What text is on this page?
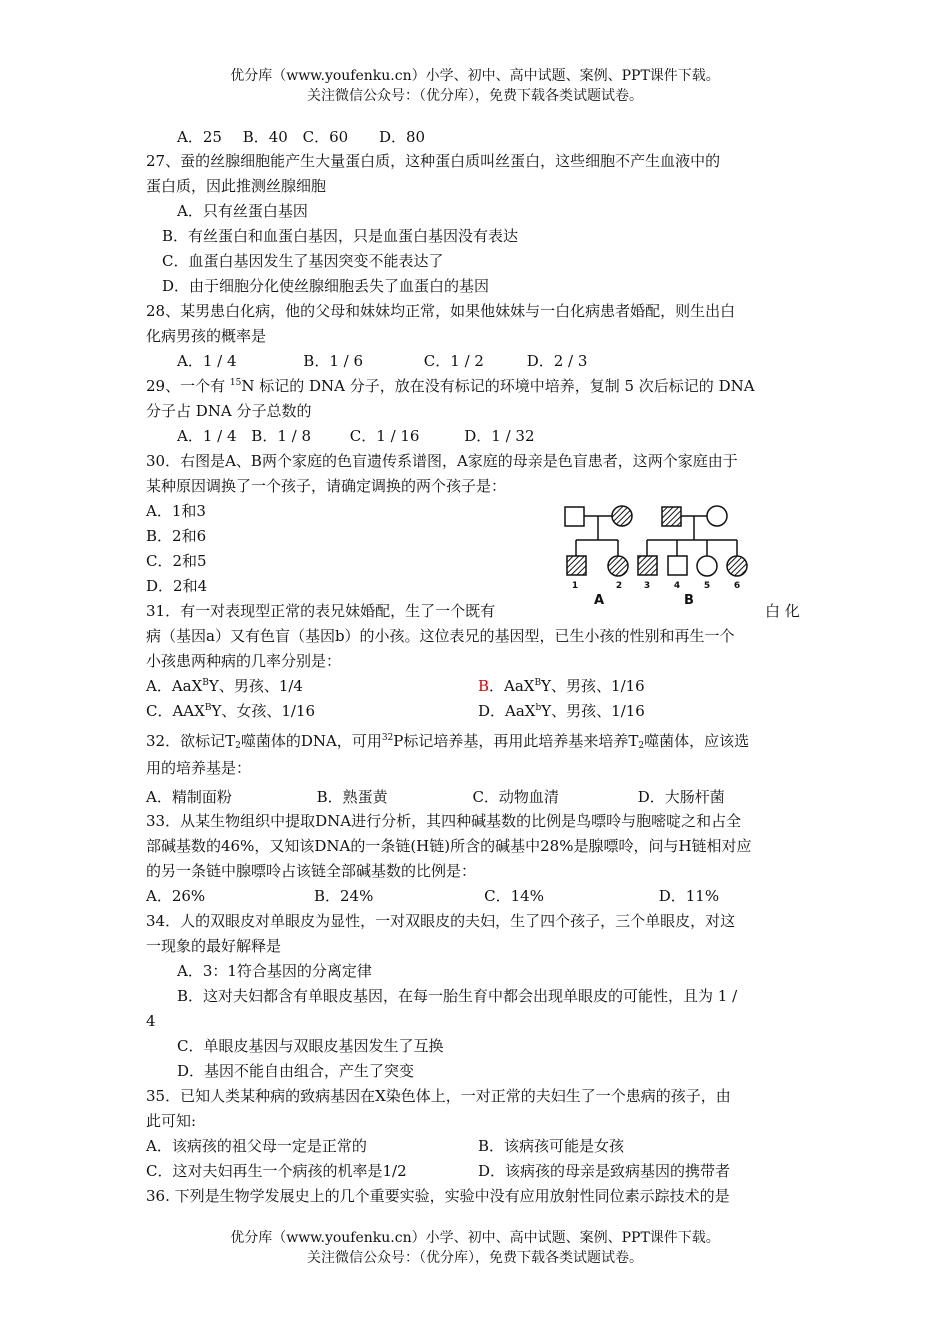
优分库（www.youfenku.cn）小学、初中、高中试题、案例、PPT课件下载。
关注微信公众号：（优分库），免费下载各类试题试卷。
A．25 B．40 C．60 D．80
27、蚕的丝腺细胞能产生大量蛋白质，这种蛋白质叫丝蛋白，这些细胞不产生血液中的
蛋白质，因此推测丝腺细胞
A．只有丝蛋白基因
B．有丝蛋白和血蛋白基因，只是血蛋白基因没有表达
C．血蛋白基因发生了基因突变不能表达了
D．由于细胞分化使丝腺细胞丢失了血蛋白的基因
28、某男患白化病，他的父母和妹妹均正常，如果他妹妹与一白化病患者婚配，则生出白
化病男孩的概率是
A．1 / 4	B．1 / 6	C．1 / 2	D．2 / 3
29、一个有 $^{15}$N 标记的 DNA 分子，放在没有标记的环境中培养，复制 5 次后标记的 DNA
分子占 DNA 分子总数的
A．1 / 4 B．1 / 8	C．1 / 16	D．1 / 32
30．右图是A、B两个家庭的色盲遗传系谱图，A家庭的母亲是色盲患者，这两个家庭由于
某种原因调换了一个孩子，请确定调换的两个孩子是：
A．1和3
B．2和6
C．2和5
D．2和4	1	2 3	4	5	6
A	B
31．有一对表现型正常的表兄妹婚配，生了一个既有	白 化
病（基因a）又有色盲（基因b）的小孩。这位表兄的基因型，已生小孩的性别和再生一个
小孩患两种病的几率分别是：
A．AaX$^B$Y、男孩、1/4	B．AaX$^B$Y、男孩、1/16
C．$AAX^BY$、女孩、1/16	D．AaX$^b$Y、男孩、1/16
32．欲标记$T_2$噬菌体的DNA，可用$^{32}$P标记培养基，再用此培养基来培养$T_2$噬菌体，应该选
用的培养基是：
A．精制面粉	B．熟蛋黄	C．动物血清	D．大肠杆菌
33．从某生物组织中提取DNA进行分析，其四种碱基数的比例是鸟嘌呤与胞嘧啶之和占全
部碱基数的46%，又知该DNA的一条链(H链)所含的碱基中28%是腺嘌呤，问与H链相对应
的另一条链中腺嘌呤占该链全部碱基数的比例是：
A．26%	B．24%	C．14%	D．11%
34．人的双眼皮对单眼皮为显性，一对双眼皮的夫妇，生了四个孩子，三个单眼皮，对这
一现象的最好解释是
A．3：1符合基因的分离定律
B．这对夫妇都含有单眼皮基因，在每一胎生育中都会出现单眼皮的可能性，且为 1 /
4
C．单眼皮基因与双眼皮基因发生了互换
D．基因不能自由组合，产生了突变
35．已知人类某种病的致病基因在X染色体上，一对正常的夫妇生了一个患病的孩子，由
此可知:
A．该病孩的祖父母一定是正常的	B．该病孩可能是女孩
C．这对夫妇再生一个病孩的机率是1/2	D．该病孩的母亲是致病基因的携带者
36. 下列是生物学发展史上的几个重要实验，实验中没有应用放射性同位素示踪技术的是
优分库（www.youfenku.cn）小学、初中、高中试题、案例、PPT课件下载。
关注微信公众号：（优分库），免费下载各类试题试卷。
